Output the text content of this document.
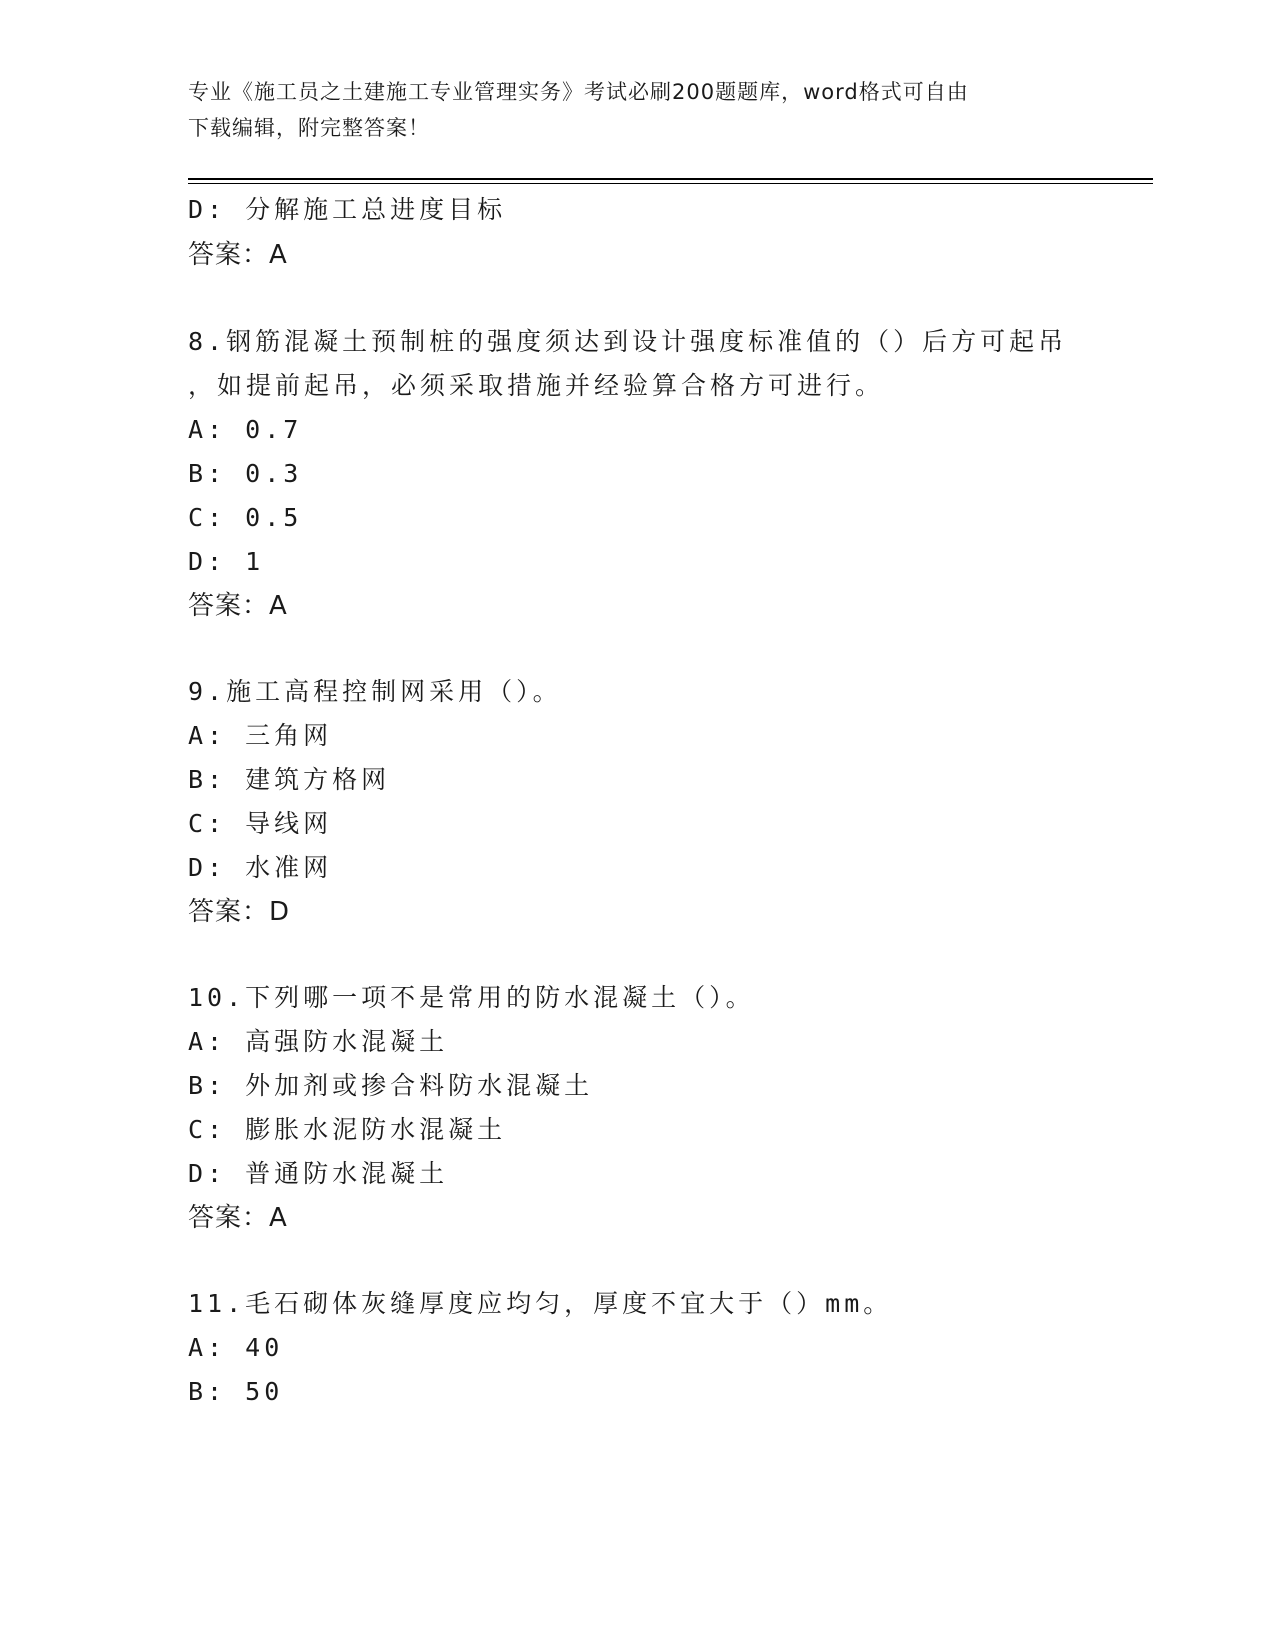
专业《施工员之土建施工专业管理实务》考试必刷200题题库，word格式可自由
下载编辑，附完整答案！
D: 分解施工总进度目标
答案：A
8.钢筋混凝土预制桩的强度须达到设计强度标准值的（）后方可起吊
，如提前起吊，必须采取措施并经验算合格方可进行。
A: 0.7
B: 0.3
C: 0.5
D: 1
答案：A
9.施工高程控制网采用（）。
A: 三角网
B: 建筑方格网
C: 导线网
D: 水准网
答案：D
10.下列哪一项不是常用的防水混凝土（）。
A: 高强防水混凝土
B: 外加剂或掺合料防水混凝土
C: 膨胀水泥防水混凝土
D: 普通防水混凝土
答案：A
11.毛石砌体灰缝厚度应均匀，厚度不宜大于（）mm。
A: 40
B: 50
